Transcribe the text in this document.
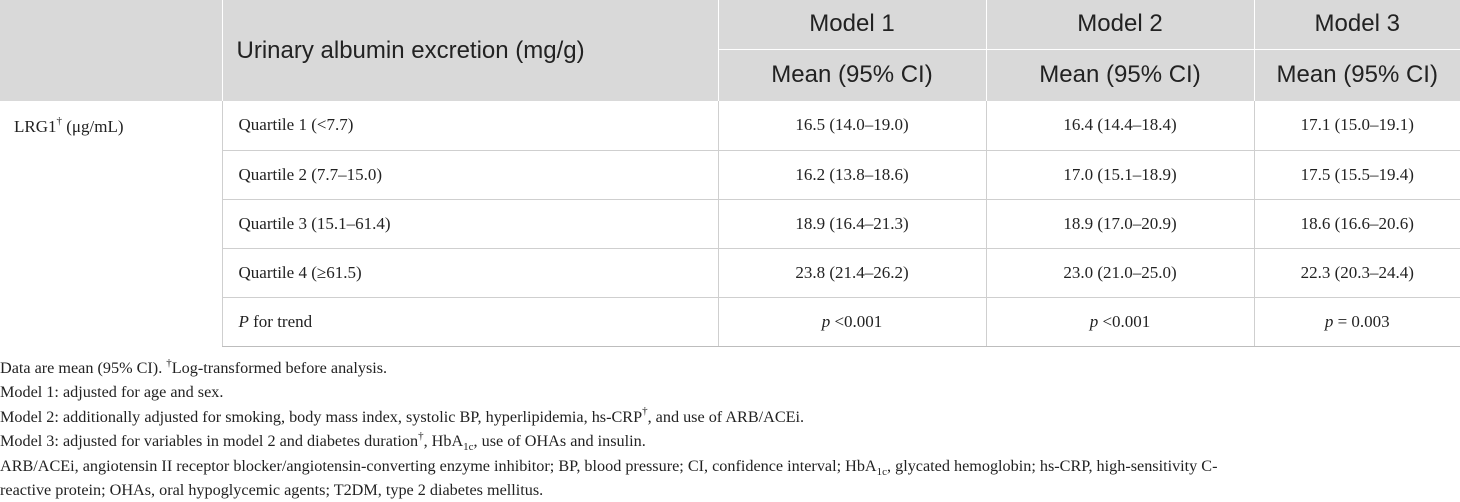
	Urinary albumin excretion (mg/g)	Model 1	Model 2	Model 3
		Mean (95% CI)	Mean (95% CI)	Mean (95% CI)
LRG1† (μg/mL)	Quartile 1 (<7.7)	16.5 (14.0–19.0)	16.4 (14.4–18.4)	17.1 (15.0–19.1)
	Quartile 2 (7.7–15.0)	16.2 (13.8–18.6)	17.0 (15.1–18.9)	17.5 (15.5–19.4)
	Quartile 3 (15.1–61.4)	18.9 (16.4–21.3)	18.9 (17.0–20.9)	18.6 (16.6–20.6)
	Quartile 4 (≥61.5)	23.8 (21.4–26.2)	23.0 (21.0–25.0)	22.3 (20.3–24.4)
	P for trend	p <0.001	p <0.001	p = 0.003
Data are mean (95% CI). †Log-transformed before analysis.
Model 1: adjusted for age and sex.
Model 2: additionally adjusted for smoking, body mass index, systolic BP, hyperlipidemia, hs-CRP†, and use of ARB/ACEi.
Model 3: adjusted for variables in model 2 and diabetes duration†, HbA$_{1c}$, use of OHAs and insulin.
ARB/ACEi, angiotensin II receptor blocker/angiotensin-converting enzyme inhibitor; BP, blood pressure; CI, confidence interval; HbA$_{1c}$, glycated hemoglobin; hs-CRP, high-sensitivity C-
reactive protein; OHAs, oral hypoglycemic agents; T2DM, type 2 diabetes mellitus.
